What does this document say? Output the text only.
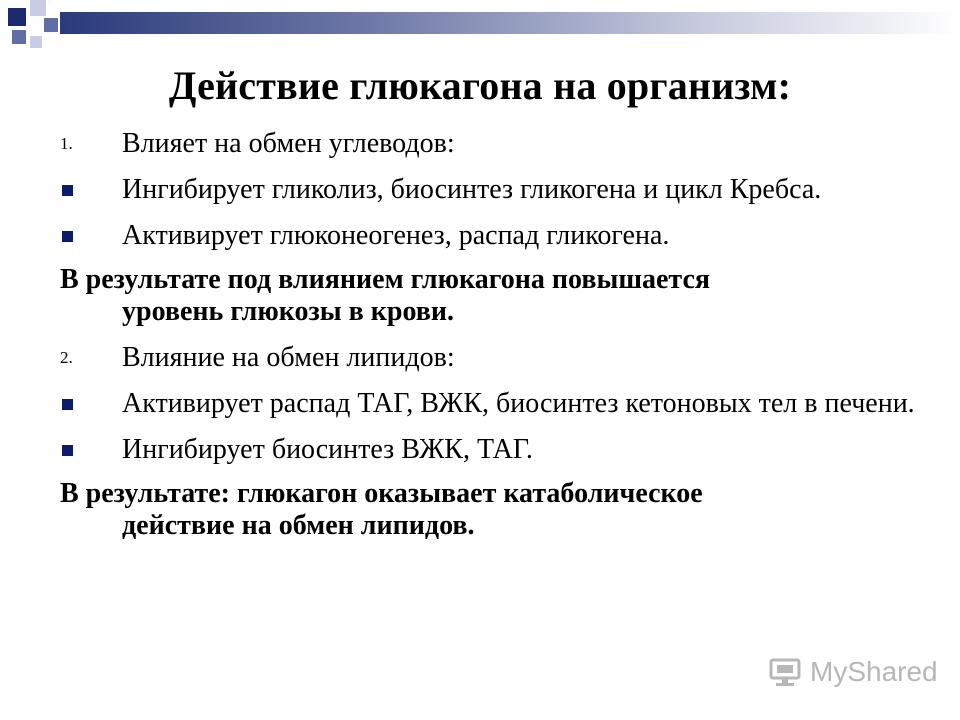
Действие глюкагона на организм:
1. Влияет на обмен углеводов:
Ингибирует гликолиз, биосинтез гликогена и цикл Кребса.
Активирует глюконеогенез, распад гликогена.
В результате под влиянием глюкагона повышается
уровень глюкозы в крови.
2. Влияние на обмен липидов:
Активирует распад ТАГ, ВЖК, биосинтез кетоновых тел в печени.
Ингибирует биосинтез ВЖК, ТАГ.
В результате: глюкагон оказывает катаболическое
действие на обмен липидов.
MyShared
